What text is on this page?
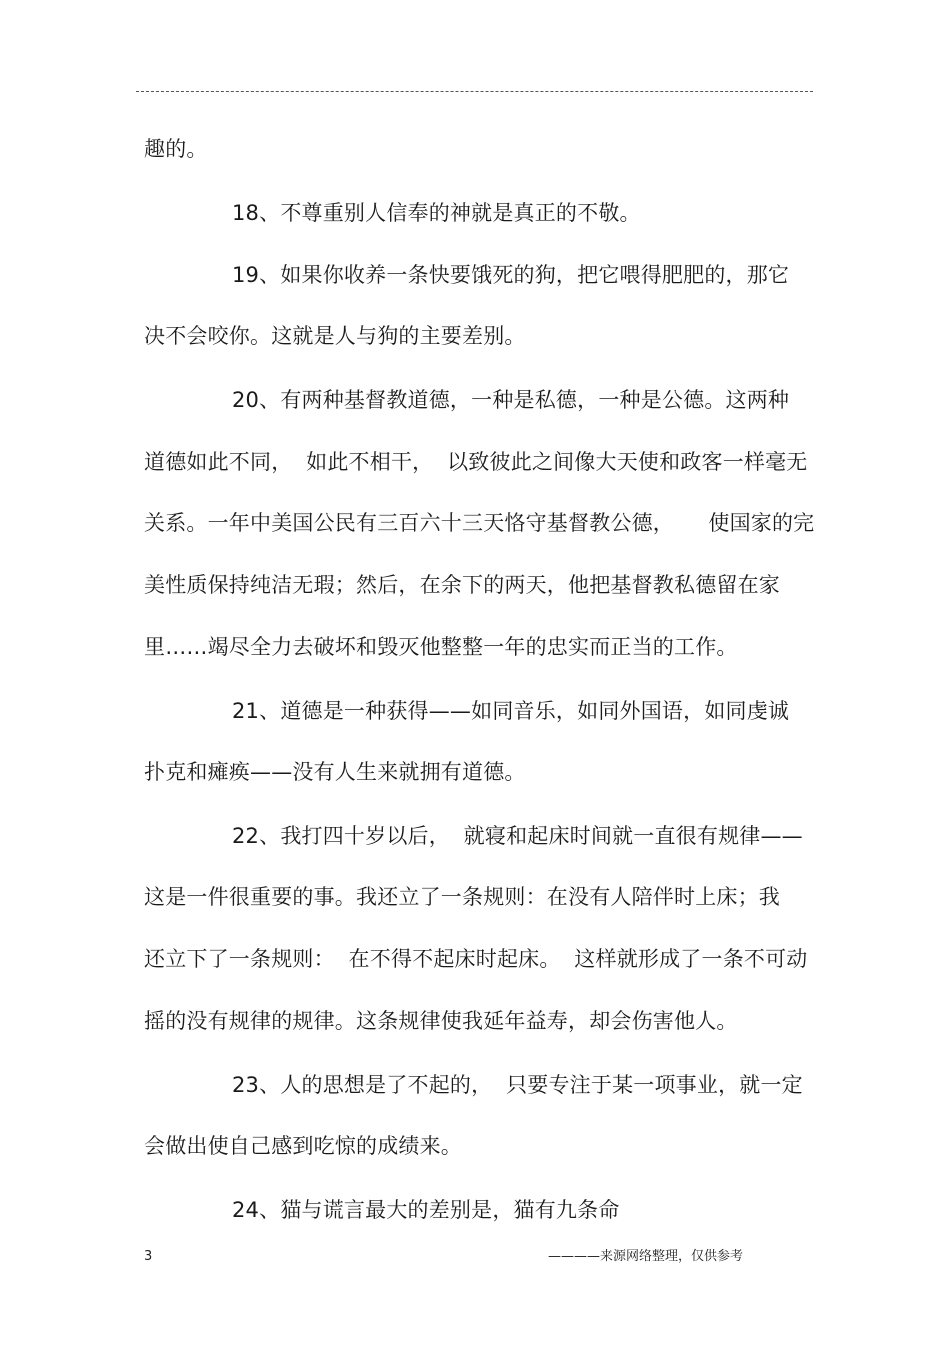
趣的。
18、不尊重别人信奉的神就是真正的不敬。
19、如果你收养一条快要饿死的狗，把它喂得肥肥的，那它
决不会咬你。这就是人与狗的主要差别。
20、有两种基督教道德，一种是私德，一种是公德。这两种
道德如此不同，  如此不相干，  以致彼此之间像大天使和政客一样毫无
关系。一年中美国公民有三百六十三天恪守基督教公德，     使国家的完
美性质保持纯洁无瑕；然后，在余下的两天，他把基督教私德留在家
里……竭尽全力去破坏和毁灭他整整一年的忠实而正当的工作。
21、道德是一种获得——如同音乐，如同外国语，如同虔诚
扑克和瘫痪——没有人生来就拥有道德。
22、我打四十岁以后，  就寝和起床时间就一直很有规律——
这是一件很重要的事。我还立了一条规则：在没有人陪伴时上床；我
还立下了一条规则：  在不得不起床时起床。  这样就形成了一条不可动
摇的没有规律的规律。这条规律使我延年益寿，却会伤害他人。
23、人的思想是了不起的，  只要专注于某一项事业，就一定
会做出使自己感到吃惊的成绩来。
24、猫与谎言最大的差别是，猫有九条命
3	————来源网络整理，仅供参考
